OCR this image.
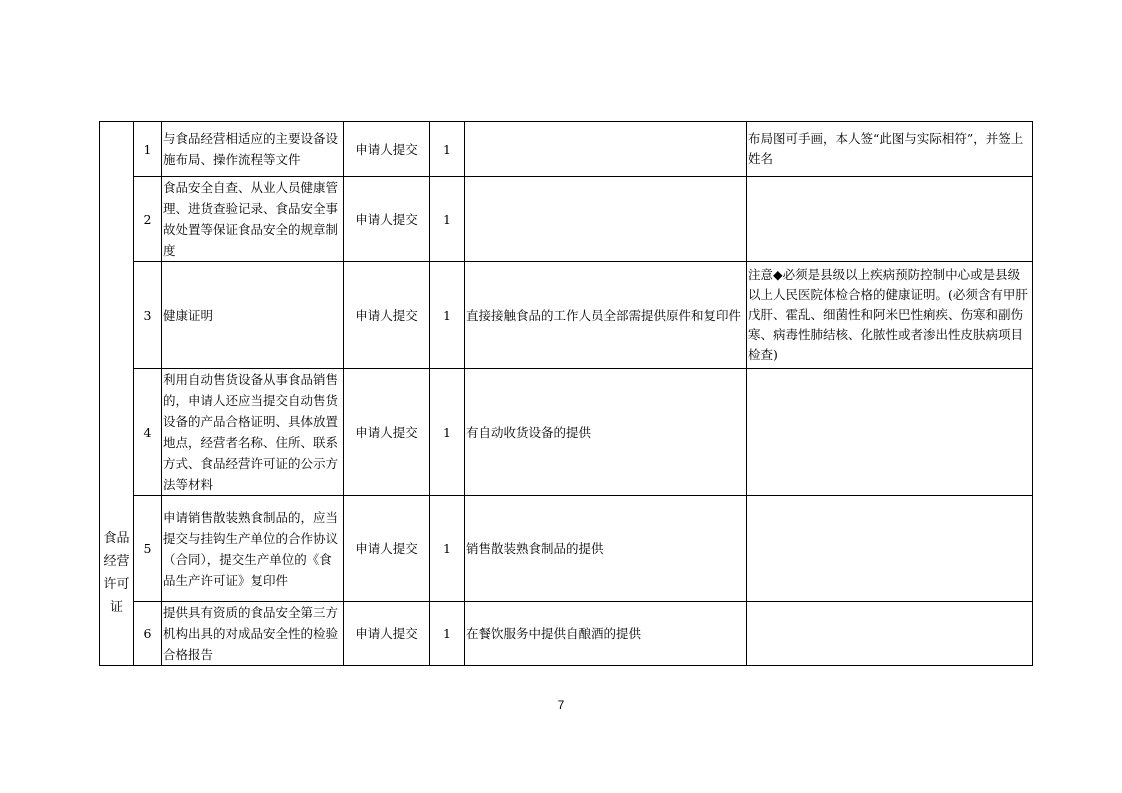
食品经营许可证	1	与食品经营相适应的主要设备设施布局、操作流程等文件	申请人提交	1		布局图可手画，本人签“此图与实际相符”，并签上姓名
	2	食品安全自查、从业人员健康管理、进货查验记录、食品安全事故处置等保证食品安全的规章制度	申请人提交	1		
	3	健康证明	申请人提交	1	直接接触食品的工作人员全部需提供原件和复印件	注意◆必须是县级以上疾病预防控制中心或是县级以上人民医院体检合格的健康证明。(必须含有甲肝戊肝、霍乱、细菌性和阿米巴性痢疾、伤寒和副伤寒、病毒性肺结核、化脓性或者渗出性皮肤病项目检查)
	4	利用自动售货设备从事食品销售的，申请人还应当提交自动售货设备的产品合格证明、具体放置地点，经营者名称、住所、联系方式、食品经营许可证的公示方法等材料	申请人提交	1	有自动收货设备的提供	
	5	申请销售散装熟食制品的，应当提交与挂钩生产单位的合作协议（合同），提交生产单位的《食品生产许可证》复印件	申请人提交	1	销售散装熟食制品的提供	
	6	提供具有资质的食品安全第三方机构出具的对成品安全性的检验合格报告	申请人提交	1	在餐饮服务中提供自酿酒的提供	
7
